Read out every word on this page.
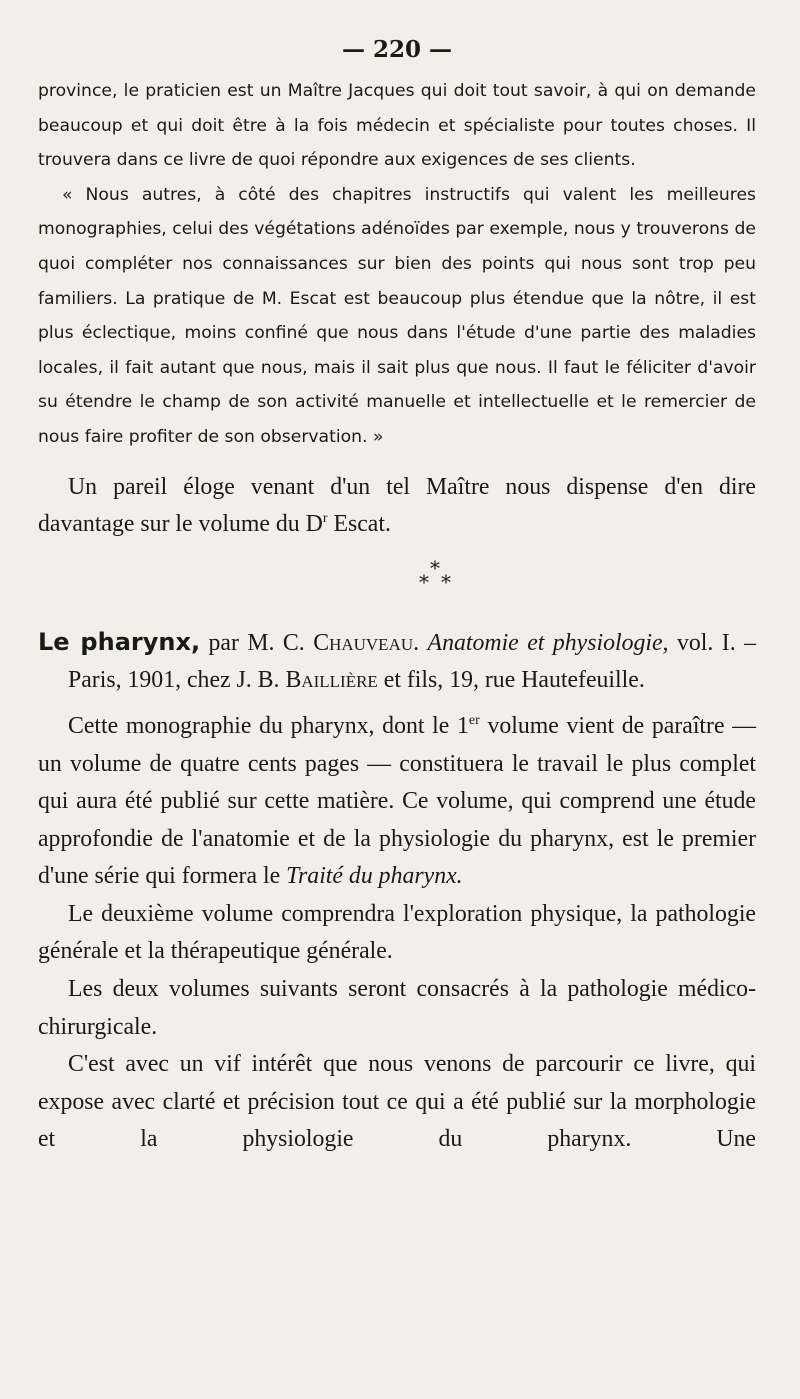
— 220 —

province, le praticien est un Maître Jacques qui doit tout savoir, à qui on demande beaucoup et qui doit être à la fois médecin et spécialiste pour toutes choses. Il trouvera dans ce livre de quoi répondre aux exigences de ses clients.

« Nous autres, à côté des chapitres instructifs qui valent les meilleures monographies, celui des végétations adénoïdes par exemple, nous y trouverons de quoi compléter nos connaissances sur bien des points qui nous sont trop peu familiers. La pratique de M. Escat est beaucoup plus étendue que la nôtre, il est plus éclectique, moins confiné que nous dans l'étude d'une partie des maladies locales, il fait autant que nous, mais il sait plus que nous. Il faut le féliciter d'avoir su étendre le champ de son activité manuelle et intellectuelle et le remercier de nous faire profiter de son observation. »

Un pareil éloge venant d'un tel Maître nous dispense d'en dire davantage sur le volume du $D^r$ Escat.

*
* *

Le pharynx, par M. C. Chauveau. Anatomie et physiologie, vol. I. – Paris, 1901, chez J. B. Baillière et fils, 19, rue Hautefeuille.

Cette monographie du pharynx, dont le 1er volume vient de paraître — un volume de quatre cents pages — constituera le travail le plus complet qui aura été publié sur cette matière. Ce volume, qui comprend une étude approfondie de l'anatomie et de la physiologie du pharynx, est le premier d'une série qui formera le Traité du pharynx.

Le deuxième volume comprendra l'exploration physique, la pathologie générale et la thérapeutique générale.

Les deux volumes suivants seront consacrés à la pathologie médico-chirurgicale.

C'est avec un vif intérêt que nous venons de parcourir ce livre, qui expose avec clarté et précision tout ce qui a été publié sur la morphologie et la physiologie du pharynx. Une
